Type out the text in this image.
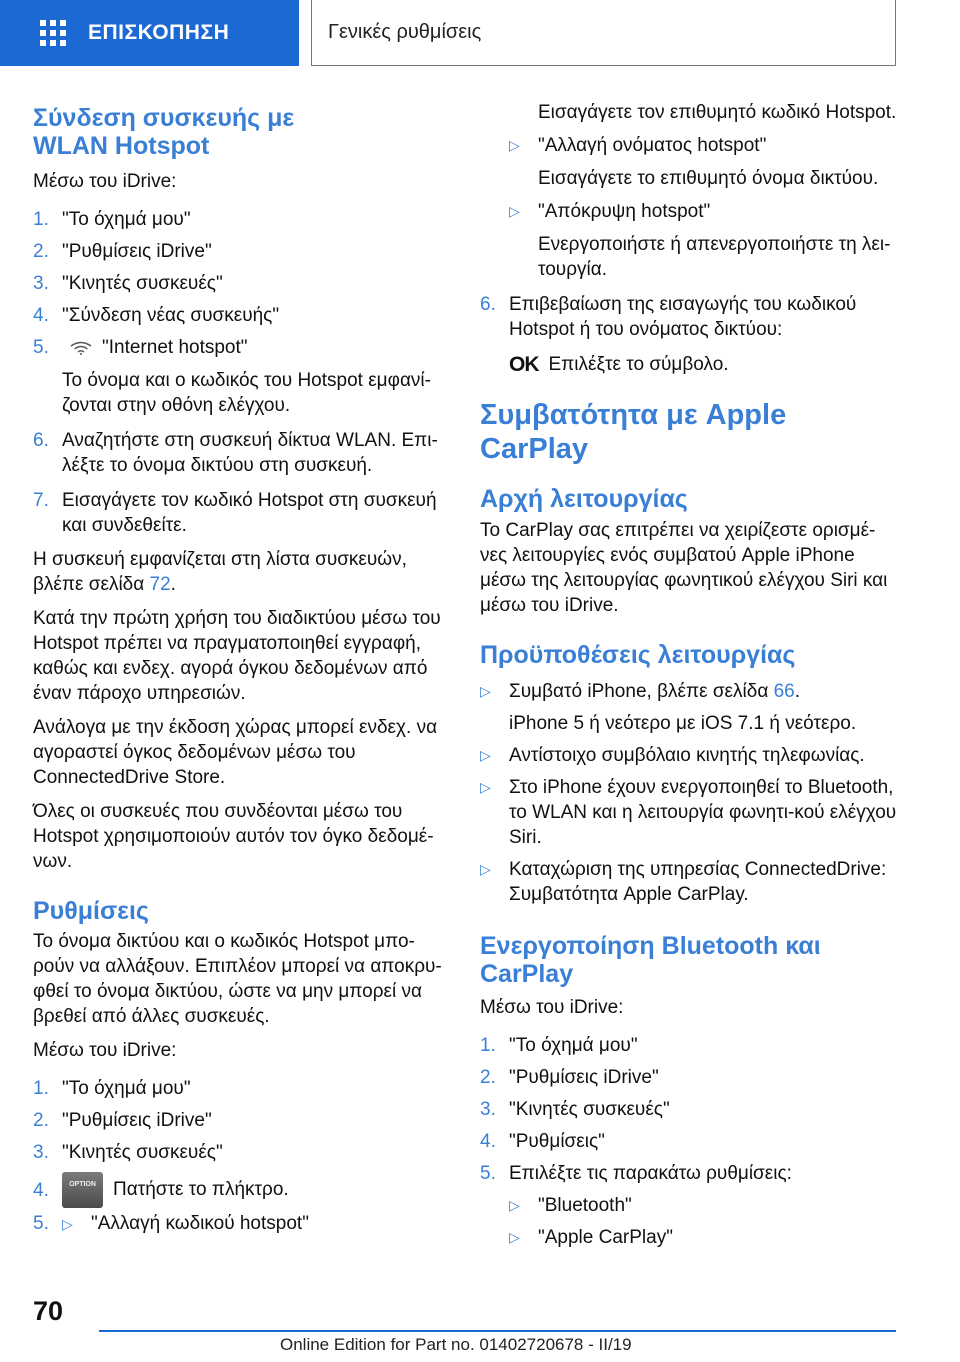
ΕΠΙΣΚΟΠΗΣΗ	Γενικές ρυθμίσεις
Σύνδεση συσκευής με WLAN Hotspot

Μέσω του iDrive:

1. "Το όχημά μου"
2. "Ρυθμίσεις iDrive"
3. "Κινητές συσκευές"
4. "Σύνδεση νέας συσκευής"
5.	"Internet hotspot"

Το όνομα και ο κωδικός του Hotspot εμφανί-ζονται στην οθόνη ελέγχου.

6. Αναζητήστε στη συσκευή δίκτυα WLAN. Επι-λέξτε το όνομα δικτύου στη συσκευή.
7. Εισαγάγετε τον κωδικό Hotspot στη συσκευή και συνδεθείτε.

Η συσκευή εμφανίζεται στη λίστα συσκευών, βλέπε σελίδα 72.

Κατά την πρώτη χρήση του διαδικτύου μέσω του Hotspot πρέπει να πραγματοποιηθεί εγγραφή, καθώς και ενδεχ. αγορά όγκου δεδομένων από έναν πάροχο υπηρεσιών.

Ανάλογα με την έκδοση χώρας μπορεί ενδεχ. να αγοραστεί όγκος δεδομένων μέσω του ConnectedDrive Store.

Όλες οι συσκευές που συνδέονται μέσω του Hotspot χρησιμοποιούν αυτόν τον όγκο δεδομέ-νων.

Ρυθμίσεις

Το όνομα δικτύου και ο κωδικός Hotspot μπο-ρούν να αλλάξουν. Επιπλέον μπορεί να αποκρυ-φθεί το όνομα δικτύου, ώστε να μην μπορεί να βρεθεί από άλλες συσκευές.

Μέσω του iDrive:

1. "Το όχημά μου"
2. "Ρυθμίσεις iDrive"
3. "Κινητές συσκευές"
4.	OPTION Πατήστε το πλήκτρο.
5. ▷ "Αλλαγή κωδικού hotspot"

Εισαγάγετε τον επιθυμητό κωδικό Hotspot.

▷ "Αλλαγή ονόματος hotspot"

Εισαγάγετε το επιθυμητό όνομα δικτύου.

▷ "Απόκρυψη hotspot"

Ενεργοποιήστε ή απενεργοποιήστε τη λει-τουργία.

6. Επιβεβαίωση της εισαγωγής του κωδικού Hotspot ή του ονόματος δικτύου:

OK Επιλέξτε το σύμβολο.

Συμβατότητα με Apple CarPlay
Αρχή λειτουργίας

Το CarPlay σας επιτρέπει να χειρίζεστε ορισμέ-νες λειτουργίες ενός συμβατού Apple iPhone μέσω της λειτουργίας φωνητικού ελέγχου Siri και μέσω του iDrive.

Προϋποθέσεις λειτουργίας
▷ Συμβατό iPhone, βλέπε σελίδα 66.

iPhone 5 ή νεότερο με iOS 7.1 ή νεότερο.

▷ Αντίστοιχο συμβόλαιο κινητής τηλεφωνίας.
▷ Στο iPhone έχουν ενεργοποιηθεί το Bluetooth, το WLAN και η λειτουργία φωνητι-κού ελέγχου Siri.
▷ Καταχώριση της υπηρεσίας ConnectedDrive: Συμβατότητα Apple CarPlay.
Ενεργοποίηση Bluetooth και CarPlay

Μέσω του iDrive:

1. "Το όχημά μου"
2. "Ρυθμίσεις iDrive"
3. "Κινητές συσκευές"
4. "Ρυθμίσεις"
5. Επιλέξτε τις παρακάτω ρυθμίσεις:
▷ "Bluetooth"
▷ "Apple CarPlay"
70
Online Edition for Part no. 01402720678 - II/19
